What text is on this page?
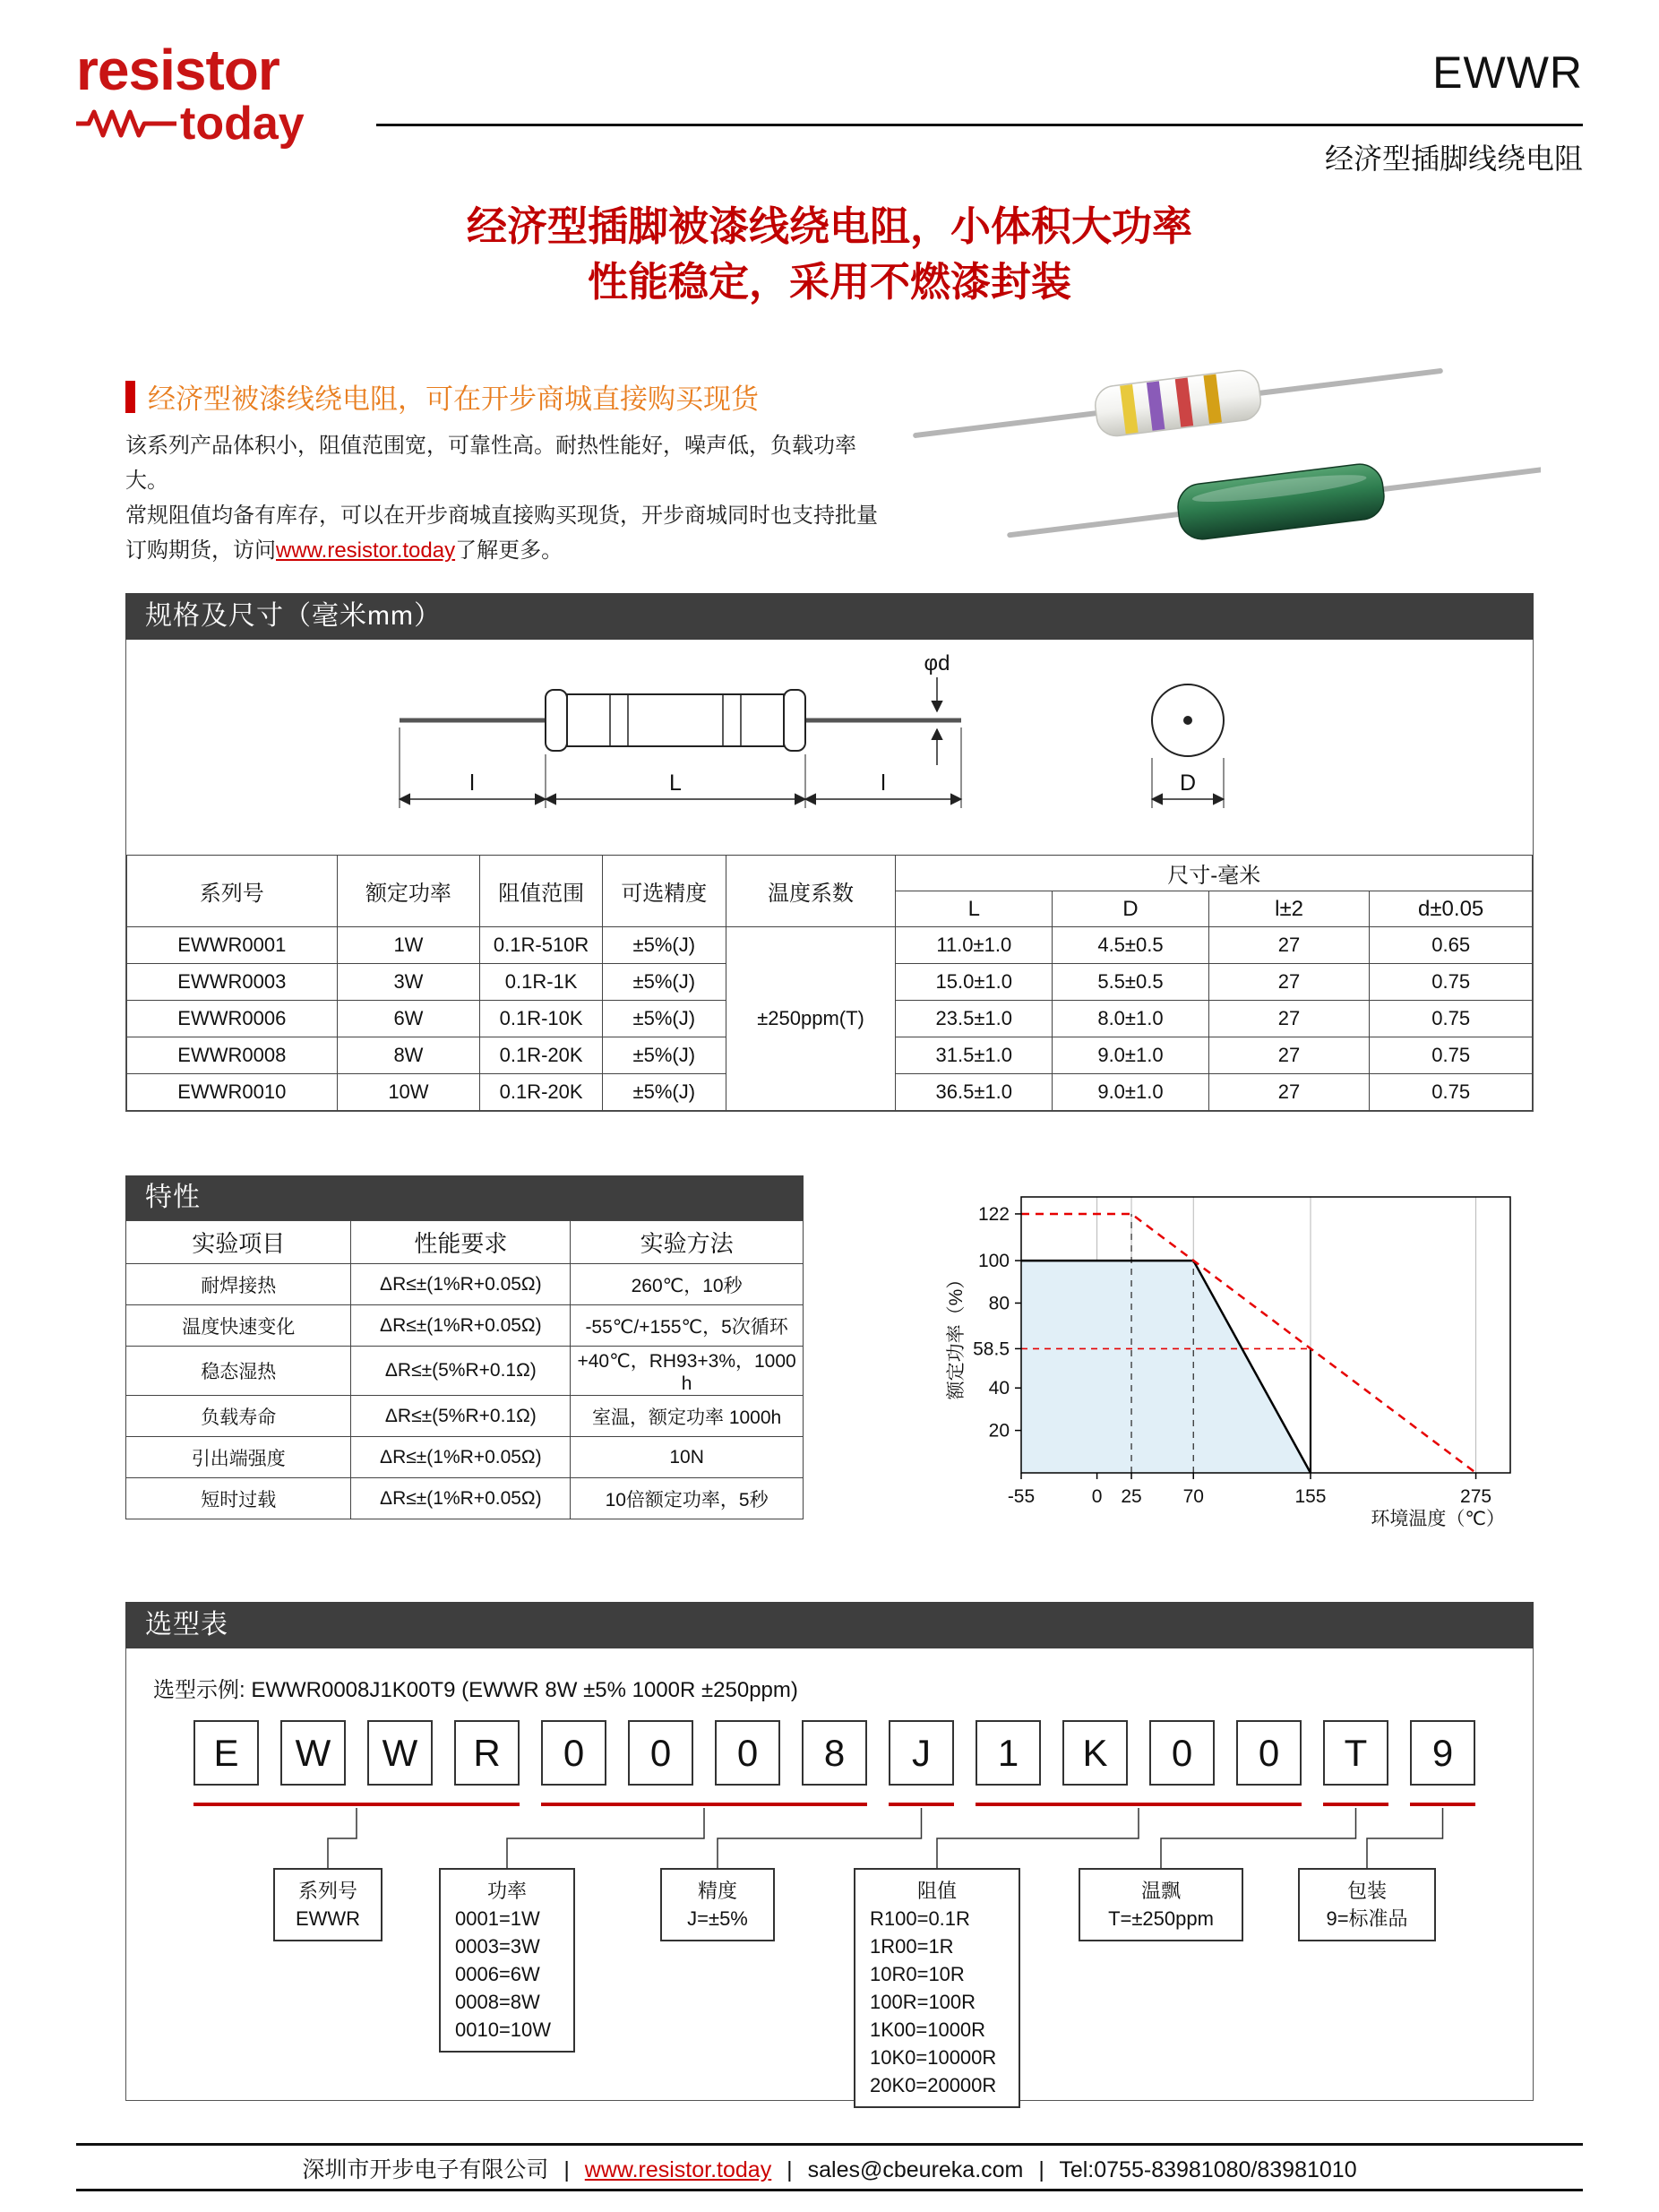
resistor
today
EWWR
经济型插脚线绕电阻
经济型插脚被漆线绕电阻，小体积大功率
性能稳定，采用不燃漆封装
经济型被漆线绕电阻，可在开步商城直接购买现货
该系列产品体积小，阻值范围宽，可靠性高。耐热性能好，噪声低，负载功率大。
常规阻值均备有库存，可以在开步商城直接购买现货，开步商城同时也支持批量
订购期货，访问www.resistor.today了解更多。
规格及尺寸（毫米mm）
φd
l	L	l	D
系列号	额定功率	阻值范围	可选精度	温度系数	尺寸-毫米			
					L	D	l±2	d±0.05
EWWR0001	1W	0.1R-510R	±5%(J)	±250ppm(T)	11.0±1.0	4.5±0.5	27	0.65
EWWR0003	3W	0.1R-1K	±5%(J)		15.0±1.0	5.5±0.5	27	0.75
EWWR0006	6W	0.1R-10K	±5%(J)		23.5±1.0	8.0±1.0	27	0.75
EWWR0008	8W	0.1R-20K	±5%(J)		31.5±1.0	9.0±1.0	27	0.75
EWWR0010	10W	0.1R-20K	±5%(J)		36.5±1.0	9.0±1.0	27	0.75
特性
实验项目	性能要求	实验方法
耐焊接热	ΔR≤±(1%R+0.05Ω)	260℃，10秒
温度快速变化	ΔR≤±(1%R+0.05Ω)	-55℃/+155℃，5次循环
稳态湿热	ΔR≤±(5%R+0.1Ω)	+40℃，RH93+3%，1000 h
负载寿命	ΔR≤±(5%R+0.1Ω)	室温，额定功率 1000h
引出端强度	ΔR≤±(1%R+0.05Ω)	10N
短时过载	ΔR≤±(1%R+0.05Ω)	10倍额定功率，5秒
20
40
58.5
80
100
122
-55	0 25 70	155	275
额定功率（%）
环境温度（℃）
选型表
选型示例: EWWR0008J1K00T9 (EWWR 8W ±5% 1000R ±250ppm)
E	W	W	R	0	0	0	8	J	1	K	0	0	T	9
系列号
EWWR
功率
0001=1W
0003=3W
0006=6W
0008=8W
0010=10W
精度
J=±5%
阻值
R100=0.1R
1R00=1R
10R0=10R
100R=100R
1K00=1000R
10K0=10000R
20K0=20000R
温飘
T=±250ppm
包装
9=标准品
深圳市开步电子有限公司 | www.resistor.today | sales@cbeureka.com | Tel:0755-83981080/83981010
